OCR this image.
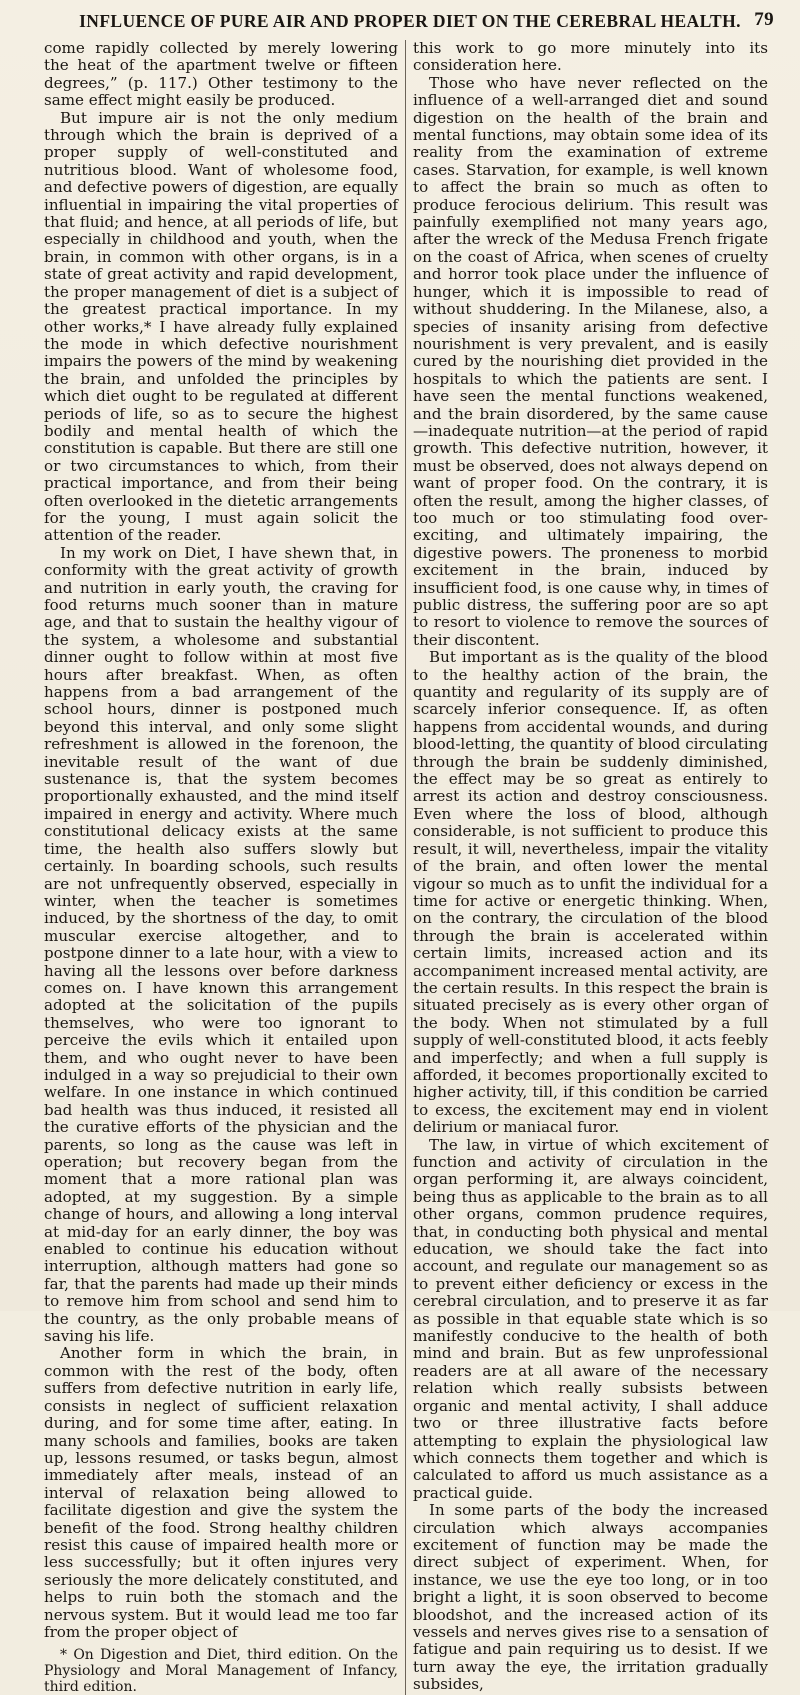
INFLUENCE OF PURE AIR AND PROPER DIET ON THE CEREBRAL HEALTH. 79

come rapidly collected by merely lowering the heat of the apartment twelve or fifteen degrees,” (p. 117.) Other testimony to the same effect might easily be produced.

But impure air is not the only medium through which the brain is deprived of a proper supply of well-constituted and nutritious blood. Want of wholesome food, and defective powers of digestion, are equally influential in impairing the vital properties of that fluid; and hence, at all periods of life, but especially in childhood and youth, when the brain, in common with other organs, is in a state of great activity and rapid development, the proper management of diet is a subject of the greatest practical importance. In my other works,* I have already fully explained the mode in which defective nourishment impairs the powers of the mind by weakening the brain, and unfolded the principles by which diet ought to be regulated at different periods of life, so as to secure the highest bodily and mental health of which the constitution is capable. But there are still one or two circumstances to which, from their practical importance, and from their being often overlooked in the dietetic arrangements for the young, I must again solicit the attention of the reader.

In my work on Diet, I have shewn that, in conformity with the great activity of growth and nutrition in early youth, the craving for food returns much sooner than in mature age, and that to sustain the healthy vigour of the system, a wholesome and substantial dinner ought to follow within at most five hours after breakfast. When, as often happens from a bad arrangement of the school hours, dinner is postponed much beyond this interval, and only some slight refreshment is allowed in the forenoon, the inevitable result of the want of due sustenance is, that the system becomes proportionally exhausted, and the mind itself impaired in energy and activity. Where much constitutional delicacy exists at the same time, the health also suffers slowly but certainly. In boarding schools, such results are not unfrequently observed, especially in winter, when the teacher is sometimes induced, by the shortness of the day, to omit muscular exercise altogether, and to postpone dinner to a late hour, with a view to having all the lessons over before darkness comes on. I have known this arrangement adopted at the solicitation of the pupils themselves, who were too ignorant to perceive the evils which it entailed upon them, and who ought never to have been indulged in a way so prejudicial to their own welfare. In one instance in which continued bad health was thus induced, it resisted all the curative efforts of the physician and the parents, so long as the cause was left in operation; but recovery began from the moment that a more rational plan was adopted, at my suggestion. By a simple change of hours, and allowing a long interval at mid-day for an early dinner, the boy was enabled to continue his education without interruption, although matters had gone so far, that the parents had made up their minds to remove him from school and send him to the country, as the only probable means of saving his life.

Another form in which the brain, in common with the rest of the body, often suffers from defective nutrition in early life, consists in neglect of sufficient relaxation during, and for some time after, eating. In many schools and families, books are taken up, lessons resumed, or tasks begun, almost immediately after meals, instead of an interval of relaxation being allowed to facilitate digestion and give the system the benefit of the food. Strong healthy children resist this cause of impaired health more or less successfully; but it often injures very seriously the more delicately constituted, and helps to ruin both the stomach and the nervous system. But it would lead me too far from the proper object of

* On Digestion and Diet, third edition. On the Physiology and Moral Management of Infancy, third edition.

this work to go more minutely into its consideration here.

Those who have never reflected on the influence of a well-arranged diet and sound digestion on the health of the brain and mental functions, may obtain some idea of its reality from the examination of extreme cases. Starvation, for example, is well known to affect the brain so much as often to produce ferocious delirium. This result was painfully exemplified not many years ago, after the wreck of the Medusa French frigate on the coast of Africa, when scenes of cruelty and horror took place under the influence of hunger, which it is impossible to read of without shuddering. In the Milanese, also, a species of insanity arising from defective nourishment is very prevalent, and is easily cured by the nourishing diet provided in the hospitals to which the patients are sent. I have seen the mental functions weakened, and the brain disordered, by the same cause —inadequate nutrition—at the period of rapid growth. This defective nutrition, however, it must be observed, does not always depend on want of proper food. On the contrary, it is often the result, among the higher classes, of too much or too stimulating food over-exciting, and ultimately impairing, the digestive powers. The proneness to morbid excitement in the brain, induced by insufficient food, is one cause why, in times of public distress, the suffering poor are so apt to resort to violence to remove the sources of their discontent.

But important as is the quality of the blood to the healthy action of the brain, the quantity and regularity of its supply are of scarcely inferior consequence. If, as often happens from accidental wounds, and during blood-letting, the quantity of blood circulating through the brain be suddenly diminished, the effect may be so great as entirely to arrest its action and destroy consciousness. Even where the loss of blood, although considerable, is not sufficient to produce this result, it will, nevertheless, impair the vitality of the brain, and often lower the mental vigour so much as to unfit the individual for a time for active or energetic thinking. When, on the contrary, the circulation of the blood through the brain is accelerated within certain limits, increased action and its accompaniment increased mental activity, are the certain results. In this respect the brain is situated precisely as is every other organ of the body. When not stimulated by a full supply of well-constituted blood, it acts feebly and imperfectly; and when a full supply is afforded, it becomes proportionally excited to higher activity, till, if this condition be carried to excess, the excitement may end in violent delirium or maniacal furor.

The law, in virtue of which excitement of function and activity of circulation in the organ performing it, are always coincident, being thus as applicable to the brain as to all other organs, common prudence requires, that, in conducting both physical and mental education, we should take the fact into account, and regulate our management so as to prevent either deficiency or excess in the cerebral circulation, and to preserve it as far as possible in that equable state which is so manifestly conducive to the health of both mind and brain. But as few unprofessional readers are at all aware of the necessary relation which really subsists between organic and mental activity, I shall adduce two or three illustrative facts before attempting to explain the physiological law which connects them together and which is calculated to afford us much assistance as a practical guide.

In some parts of the body the increased circulation which always accompanies excitement of function may be made the direct subject of experiment. When, for instance, we use the eye too long, or in too bright a light, it is soon observed to become bloodshot, and the increased action of its vessels and nerves gives rise to a sensation of fatigue and pain requiring us to desist. If we turn away the eye, the irritation gradually subsides,
